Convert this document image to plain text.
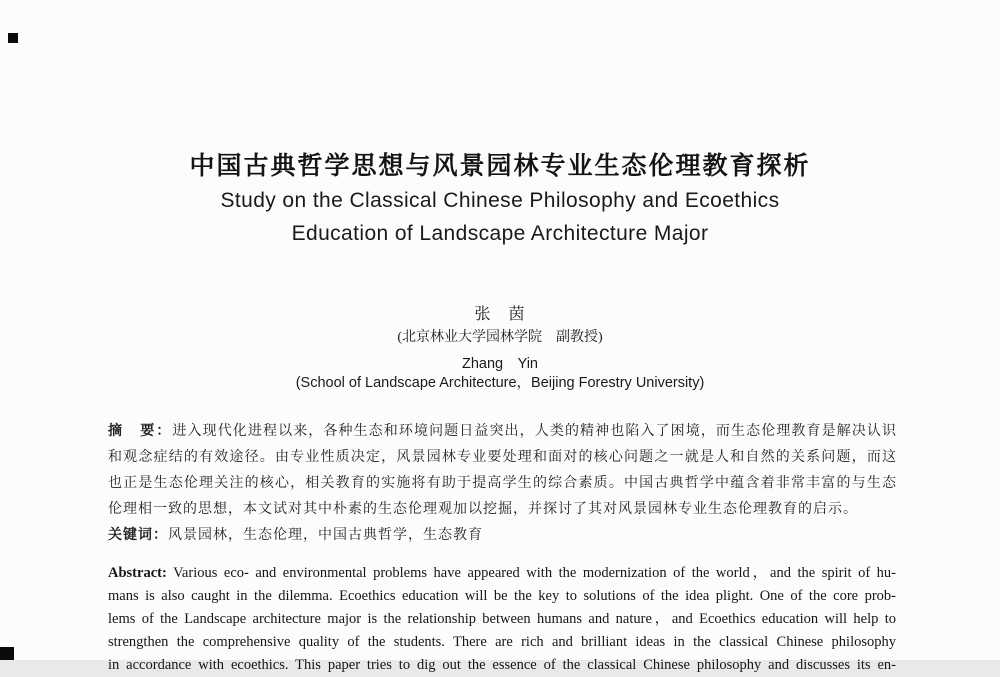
中国古典哲学思想与风景园林专业生态伦理教育探析
Study on the Classical Chinese Philosophy and Ecoethics
Education of Landscape Architecture Major
张　茵
(北京林业大学园林学院　副教授)
Zhang　Yin
(School of Landscape Architecture，Beijing Forestry University)
摘　要：进入现代化进程以来，各种生态和环境问题日益突出，人类的精神也陷入了困境，而生态伦理教育是解决认识
和观念症结的有效途径。由专业性质决定，风景园林专业要处理和面对的核心问题之一就是人和自然的关系问题，而这
也正是生态伦理关注的核心，相关教育的实施将有助于提高学生的综合素质。中国古典哲学中蕴含着非常丰富的与生态
伦理相一致的思想，本文试对其中朴素的生态伦理观加以挖掘，并探讨了其对风景园林专业生态伦理教育的启示。
关键词：风景园林，生态伦理，中国古典哲学，生态教育
Abstract: Various eco- and environmental problems have appeared with the modernization of the world，and the spirit of hu-
mans is also caught in the dilemma. Ecoethics education will be the key to solutions of the idea plight. One of the core prob-
lems of the Landscape architecture major is the relationship between humans and nature，and Ecoethics education will help to
strengthen the comprehensive quality of the students. There are rich and brilliant ideas in the classical Chinese philosophy
in accordance with ecoethics. This paper tries to dig out the essence of the classical Chinese philosophy and discusses its en-
